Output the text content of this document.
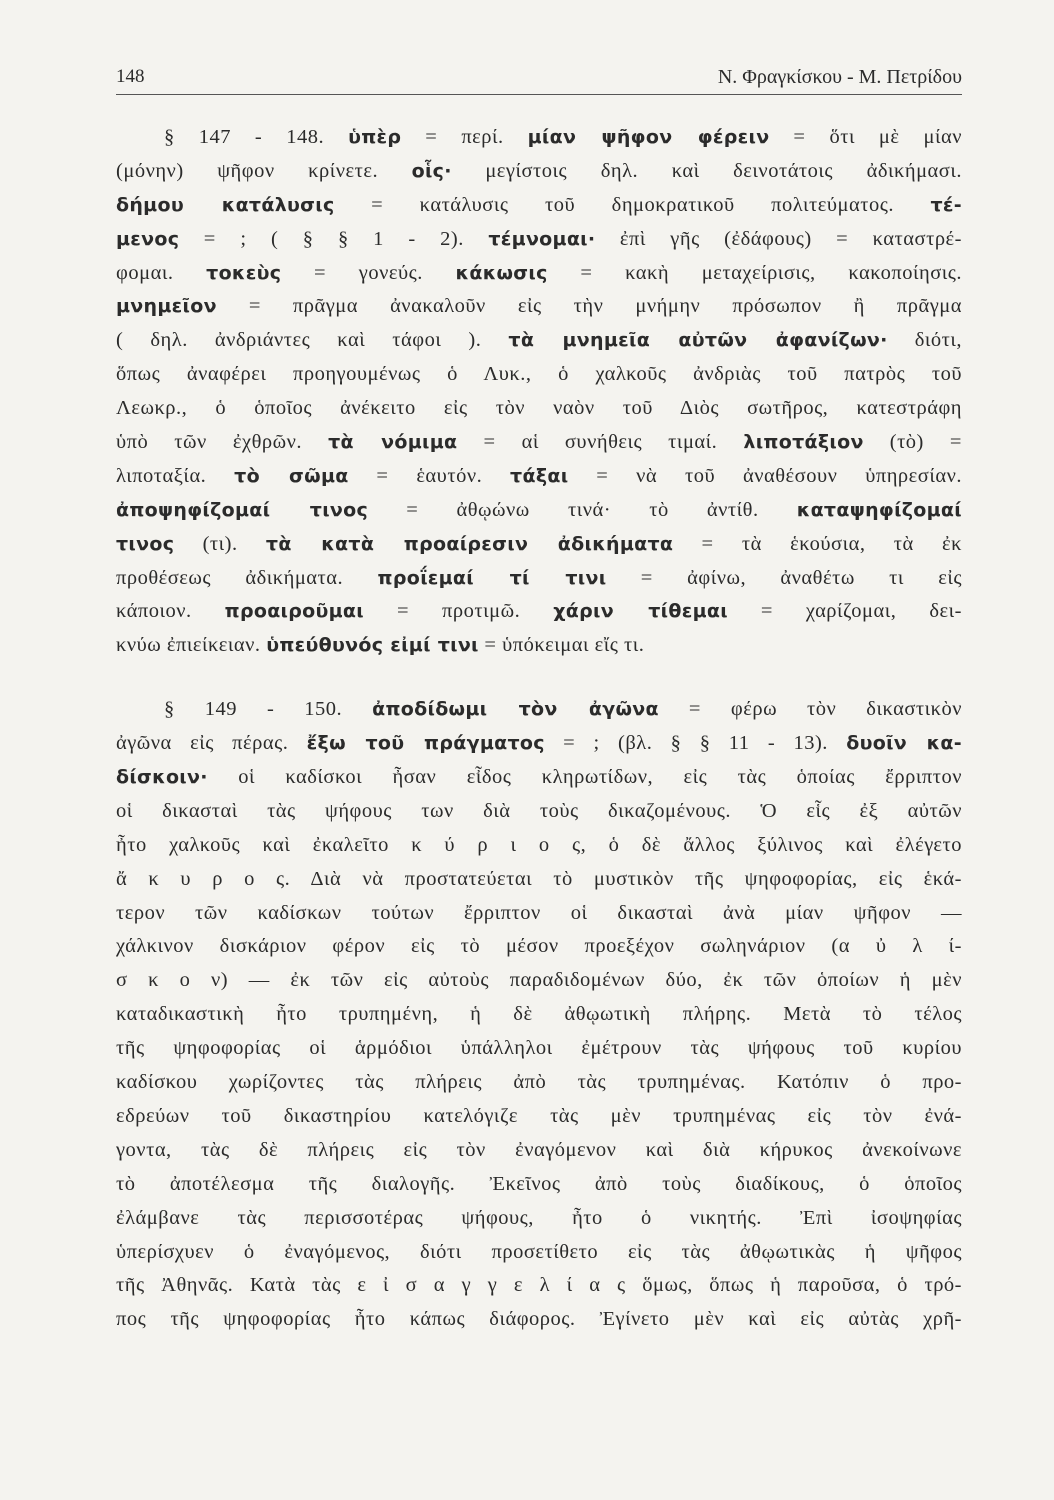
148	Ν. Φραγκίσκου - Μ. Πετρίδου
§ 147 - 148. ὑπὲρ = περί. μίαν ψῆφον φέρειν = ὅτι μὲ μίαν
(μόνην) ψῆφον κρίνετε. οἷς· μεγίστοις δηλ. καὶ δεινοτάτοις ἀδικήμασι.
δήμου κατάλυσις = κατάλυσις τοῦ δημοκρατικοῦ πολιτεύματος. τέ-
μενος = ; ( § § 1 - 2). τέμνομαι· ἐπὶ γῆς (ἐδάφους) = καταστρέ-
φομαι. τοκεὺς = γονεύς. κάκωσις = κακὴ μεταχείρισις, κακοποίησις.
μνημεῖον = πρᾶγμα ἀνακαλοῦν εἰς τὴν μνήμην πρόσωπον ἢ πρᾶγμα
( δηλ. ἀνδριάντες καὶ τάφοι ). τὰ μνημεῖα αὐτῶν ἀφανίζων· διότι,
ὅπως ἀναφέρει προηγουμένως ὁ Λυκ., ὁ χαλκοῦς ἀνδριὰς τοῦ πατρὸς τοῦ
Λεωκρ., ὁ ὁποῖος ἀνέκειτο εἰς τὸν ναὸν τοῦ Διὸς σωτῆρος, κατεστράφη
ὑπὸ τῶν ἐχθρῶν. τὰ νόμιμα = αἱ συνήθεις τιμαί. λιποτάξιον (τὸ) =
λιποταξία. τὸ σῶμα = ἑαυτόν. τάξαι = νὰ τοῦ ἀναθέσουν ὑπηρεσίαν.
ἀποψηφίζομαί τινος = ἀθῳώνω τινά· τὸ ἀντίθ. καταψηφίζομαί
τινος (τι). τὰ κατὰ προαίρεσιν ἀδικήματα = τὰ ἑκούσια, τὰ ἐκ
προθέσεως ἀδικήματα. προΐεμαί τί τινι = ἀφίνω, ἀναθέτω τι εἰς
κάποιον. προαιροῦμαι = προτιμῶ. χάριν τίθεμαι = χαρίζομαι, δει-
κνύω ἐπιείκειαν. ὑπεύθυνός εἰμί τινι = ὑπόκειμαι εἴς τι.
§ 149 - 150. ἀποδίδωμι τὸν ἀγῶνα = φέρω τὸν δικαστικὸν
ἀγῶνα εἰς πέρας. ἔξω τοῦ πράγματος = ; (βλ. § § 11 - 13). δυοῖν κα-
δίσκοιν· οἱ καδίσκοι ἦσαν εἶδος κληρωτίδων, εἰς τὰς ὁποίας ἔρριπτον
οἱ δικασταὶ τὰς ψήφους των διὰ τοὺς δικαζομένους. Ὁ εἷς ἐξ αὐτῶν
ἦτο χαλκοῦς καὶ ἐκαλεῖτο κ ύ ρ ι ο ς, ὁ δὲ ἄλλος ξύλινος καὶ ἐλέγετο
ἄ κ υ ρ ο ς. Διὰ νὰ προστατεύεται τὸ μυστικὸν τῆς ψηφοφορίας, εἰς ἑκά-
τερον τῶν καδίσκων τούτων ἔρριπτον οἱ δικασταὶ ἀνὰ μίαν ψῆφον —
χάλκινον δισκάριον φέρον εἰς τὸ μέσον προεξέχον σωληνάριον (α ὐ λ ί-
σ κ ο ν) — ἐκ τῶν εἰς αὐτοὺς παραδιδομένων δύο, ἐκ τῶν ὁποίων ἡ μὲν
καταδικαστικὴ ἦτο τρυπημένη, ἡ δὲ ἀθῳωτικὴ πλήρης. Μετὰ τὸ τέλος
τῆς ψηφοφορίας οἱ ἁρμόδιοι ὑπάλληλοι ἐμέτρουν τὰς ψήφους τοῦ κυρίου
καδίσκου χωρίζοντες τὰς πλήρεις ἀπὸ τὰς τρυπημένας. Κατόπιν ὁ προ-
εδρεύων τοῦ δικαστηρίου κατελόγιζε τὰς μὲν τρυπημένας εἰς τὸν ἐνά-
γοντα, τὰς δὲ πλήρεις εἰς τὸν ἐναγόμενον καὶ διὰ κήρυκος ἀνεκοίνωνε
τὸ ἀποτέλεσμα τῆς διαλογῆς. Ἐκεῖνος ἀπὸ τοὺς διαδίκους, ὁ ὁποῖος
ἐλάμβανε τὰς περισσοτέρας ψήφους, ἦτο ὁ νικητής. Ἐπὶ ἰσοψηφίας
ὑπερίσχυεν ὁ ἐναγόμενος, διότι προσετίθετο εἰς τὰς ἀθῳωτικὰς ἡ ψῆφος
τῆς Ἀθηνᾶς. Κατὰ τὰς ε ἰ σ α γ γ ε λ ί α ς ὅμως, ὅπως ἡ παροῦσα, ὁ τρό-
πος τῆς ψηφοφορίας ἦτο κάπως διάφορος. Ἐγίνετο μὲν καὶ εἰς αὐτὰς χρῆ-
